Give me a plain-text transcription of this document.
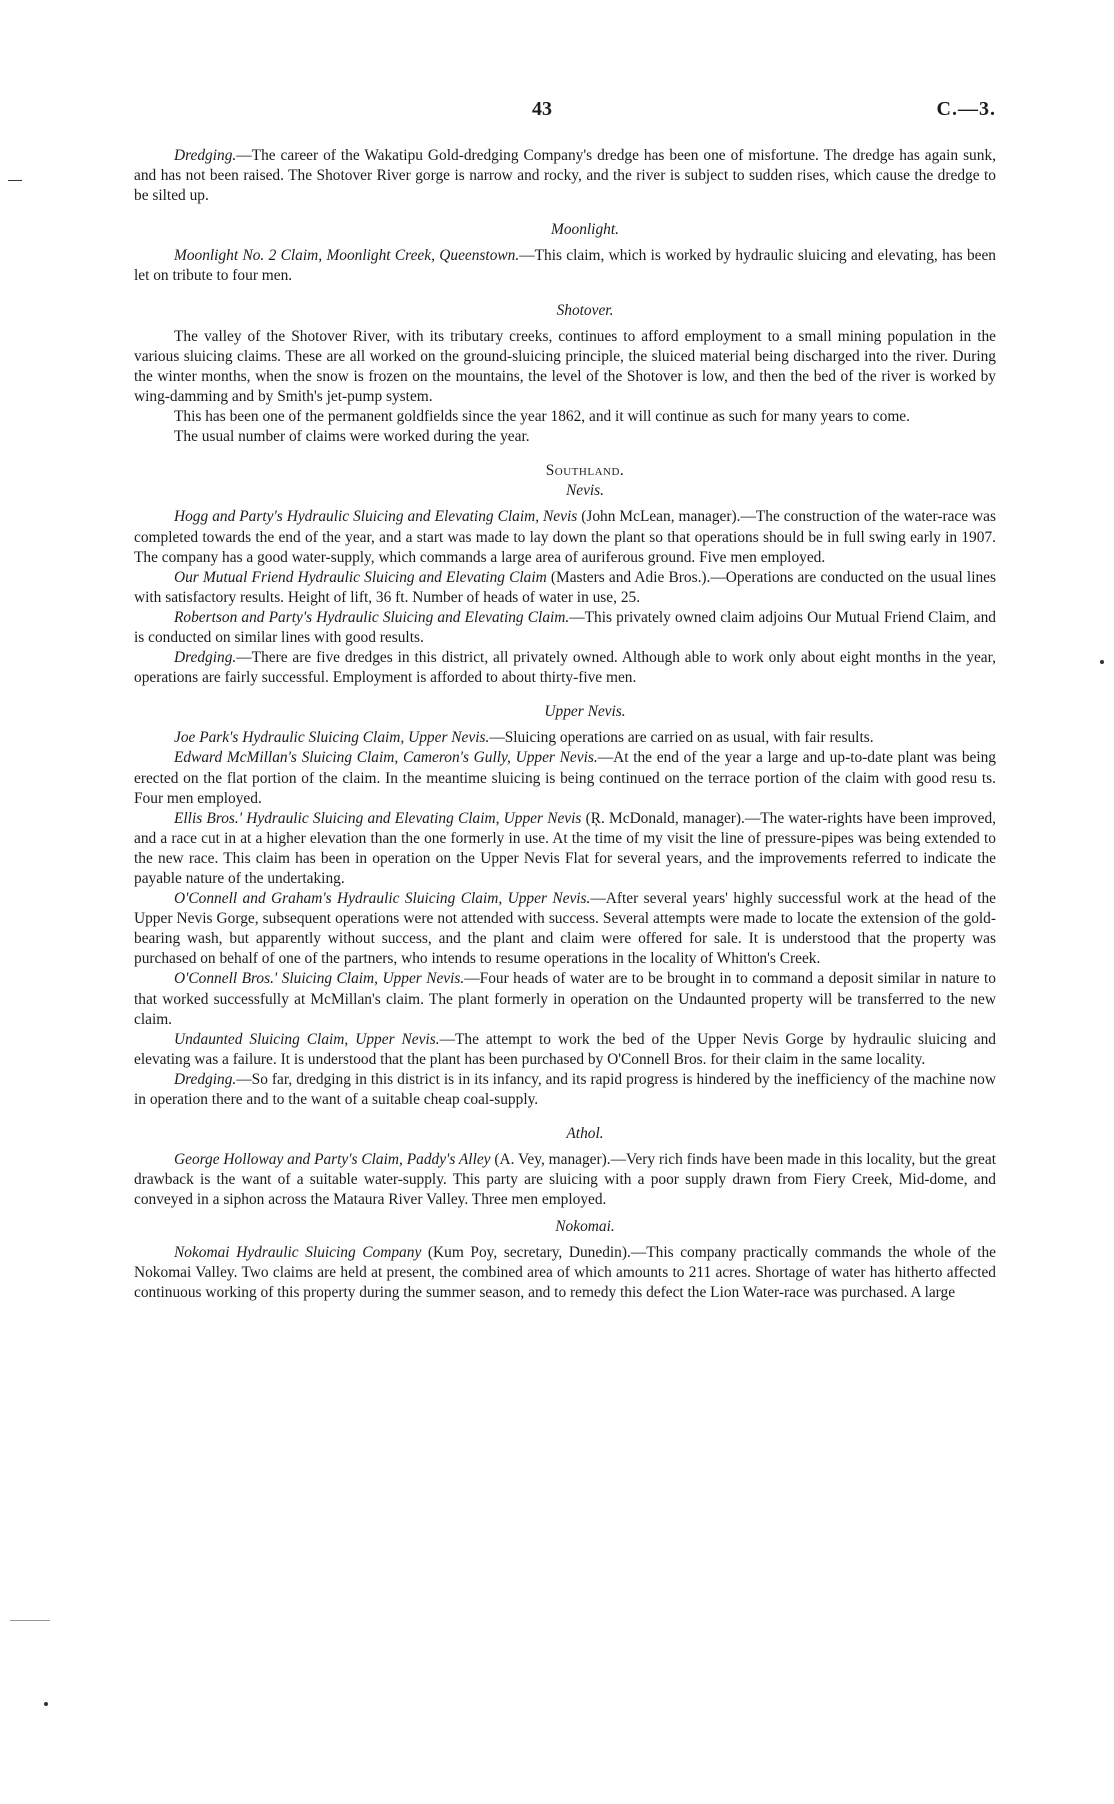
43	C.—3.

Dredging.—The career of the Wakatipu Gold-dredging Company's dredge has been one of misfortune. The dredge has again sunk, and has not been raised. The Shotover River gorge is narrow and rocky, and the river is subject to sudden rises, which cause the dredge to be silted up.

Moonlight.

Moonlight No. 2 Claim, Moonlight Creek, Queenstown.—This claim, which is worked by hydraulic sluicing and elevating, has been let on tribute to four men.

Shotover.

The valley of the Shotover River, with its tributary creeks, continues to afford employment to a small mining population in the various sluicing claims. These are all worked on the ground-sluicing principle, the sluiced material being discharged into the river. During the winter months, when the snow is frozen on the mountains, the level of the Shotover is low, and then the bed of the river is worked by wing-damming and by Smith's jet-pump system.

This has been one of the permanent goldfields since the year 1862, and it will continue as such for many years to come.

The usual number of claims were worked during the year.

Southland.

Nevis.

Hogg and Party's Hydraulic Sluicing and Elevating Claim, Nevis (John McLean, manager).—The construction of the water-race was completed towards the end of the year, and a start was made to lay down the plant so that operations should be in full swing early in 1907. The company has a good water-supply, which commands a large area of auriferous ground. Five men employed.

Our Mutual Friend Hydraulic Sluicing and Elevating Claim (Masters and Adie Bros.).—Operations are conducted on the usual lines with satisfactory results. Height of lift, 36 ft. Number of heads of water in use, 25.

Robertson and Party's Hydraulic Sluicing and Elevating Claim.—This privately owned claim adjoins Our Mutual Friend Claim, and is conducted on similar lines with good results.

Dredging.—There are five dredges in this district, all privately owned. Although able to work only about eight months in the year, operations are fairly successful. Employment is afforded to about thirty-five men.

Upper Nevis.

Joe Park's Hydraulic Sluicing Claim, Upper Nevis.—Sluicing operations are carried on as usual, with fair results.

Edward McMillan's Sluicing Claim, Cameron's Gully, Upper Nevis.—At the end of the year a large and up-to-date plant was being erected on the flat portion of the claim. In the meantime sluicing is being continued on the terrace portion of the claim with good resu ts. Four men employed.

Ellis Bros.' Hydraulic Sluicing and Elevating Claim, Upper Nevis (Ŗ. McDonald, manager).—The water-rights have been improved, and a race cut in at a higher elevation than the one formerly in use. At the time of my visit the line of pressure-pipes was being extended to the new race. This claim has been in operation on the Upper Nevis Flat for several years, and the improvements referred to indicate the payable nature of the undertaking.

O'Connell and Graham's Hydraulic Sluicing Claim, Upper Nevis.—After several years' highly successful work at the head of the Upper Nevis Gorge, subsequent operations were not attended with success. Several attempts were made to locate the extension of the gold-bearing wash, but apparently without success, and the plant and claim were offered for sale. It is understood that the property was purchased on behalf of one of the partners, who intends to resume operations in the locality of Whitton's Creek.

O'Connell Bros.' Sluicing Claim, Upper Nevis.—Four heads of water are to be brought in to command a deposit similar in nature to that worked successfully at McMillan's claim. The plant formerly in operation on the Undaunted property will be transferred to the new claim.

Undaunted Sluicing Claim, Upper Nevis.—The attempt to work the bed of the Upper Nevis Gorge by hydraulic sluicing and elevating was a failure. It is understood that the plant has been purchased by O'Connell Bros. for their claim in the same locality.

Dredging.—So far, dredging in this district is in its infancy, and its rapid progress is hindered by the inefficiency of the machine now in operation there and to the want of a suitable cheap coal-supply.

Athol.

George Holloway and Party's Claim, Paddy's Alley (A. Vey, manager).—Very rich finds have been made in this locality, but the great drawback is the want of a suitable water-supply. This party are sluicing with a poor supply drawn from Fiery Creek, Mid-dome, and conveyed in a siphon across the Mataura River Valley. Three men employed.

Nokomai.

Nokomai Hydraulic Sluicing Company (Kum Poy, secretary, Dunedin).—This company practically commands the whole of the Nokomai Valley. Two claims are held at present, the combined area of which amounts to 211 acres. Shortage of water has hitherto affected continuous working of this property during the summer season, and to remedy this defect the Lion Water-race was purchased. A large
